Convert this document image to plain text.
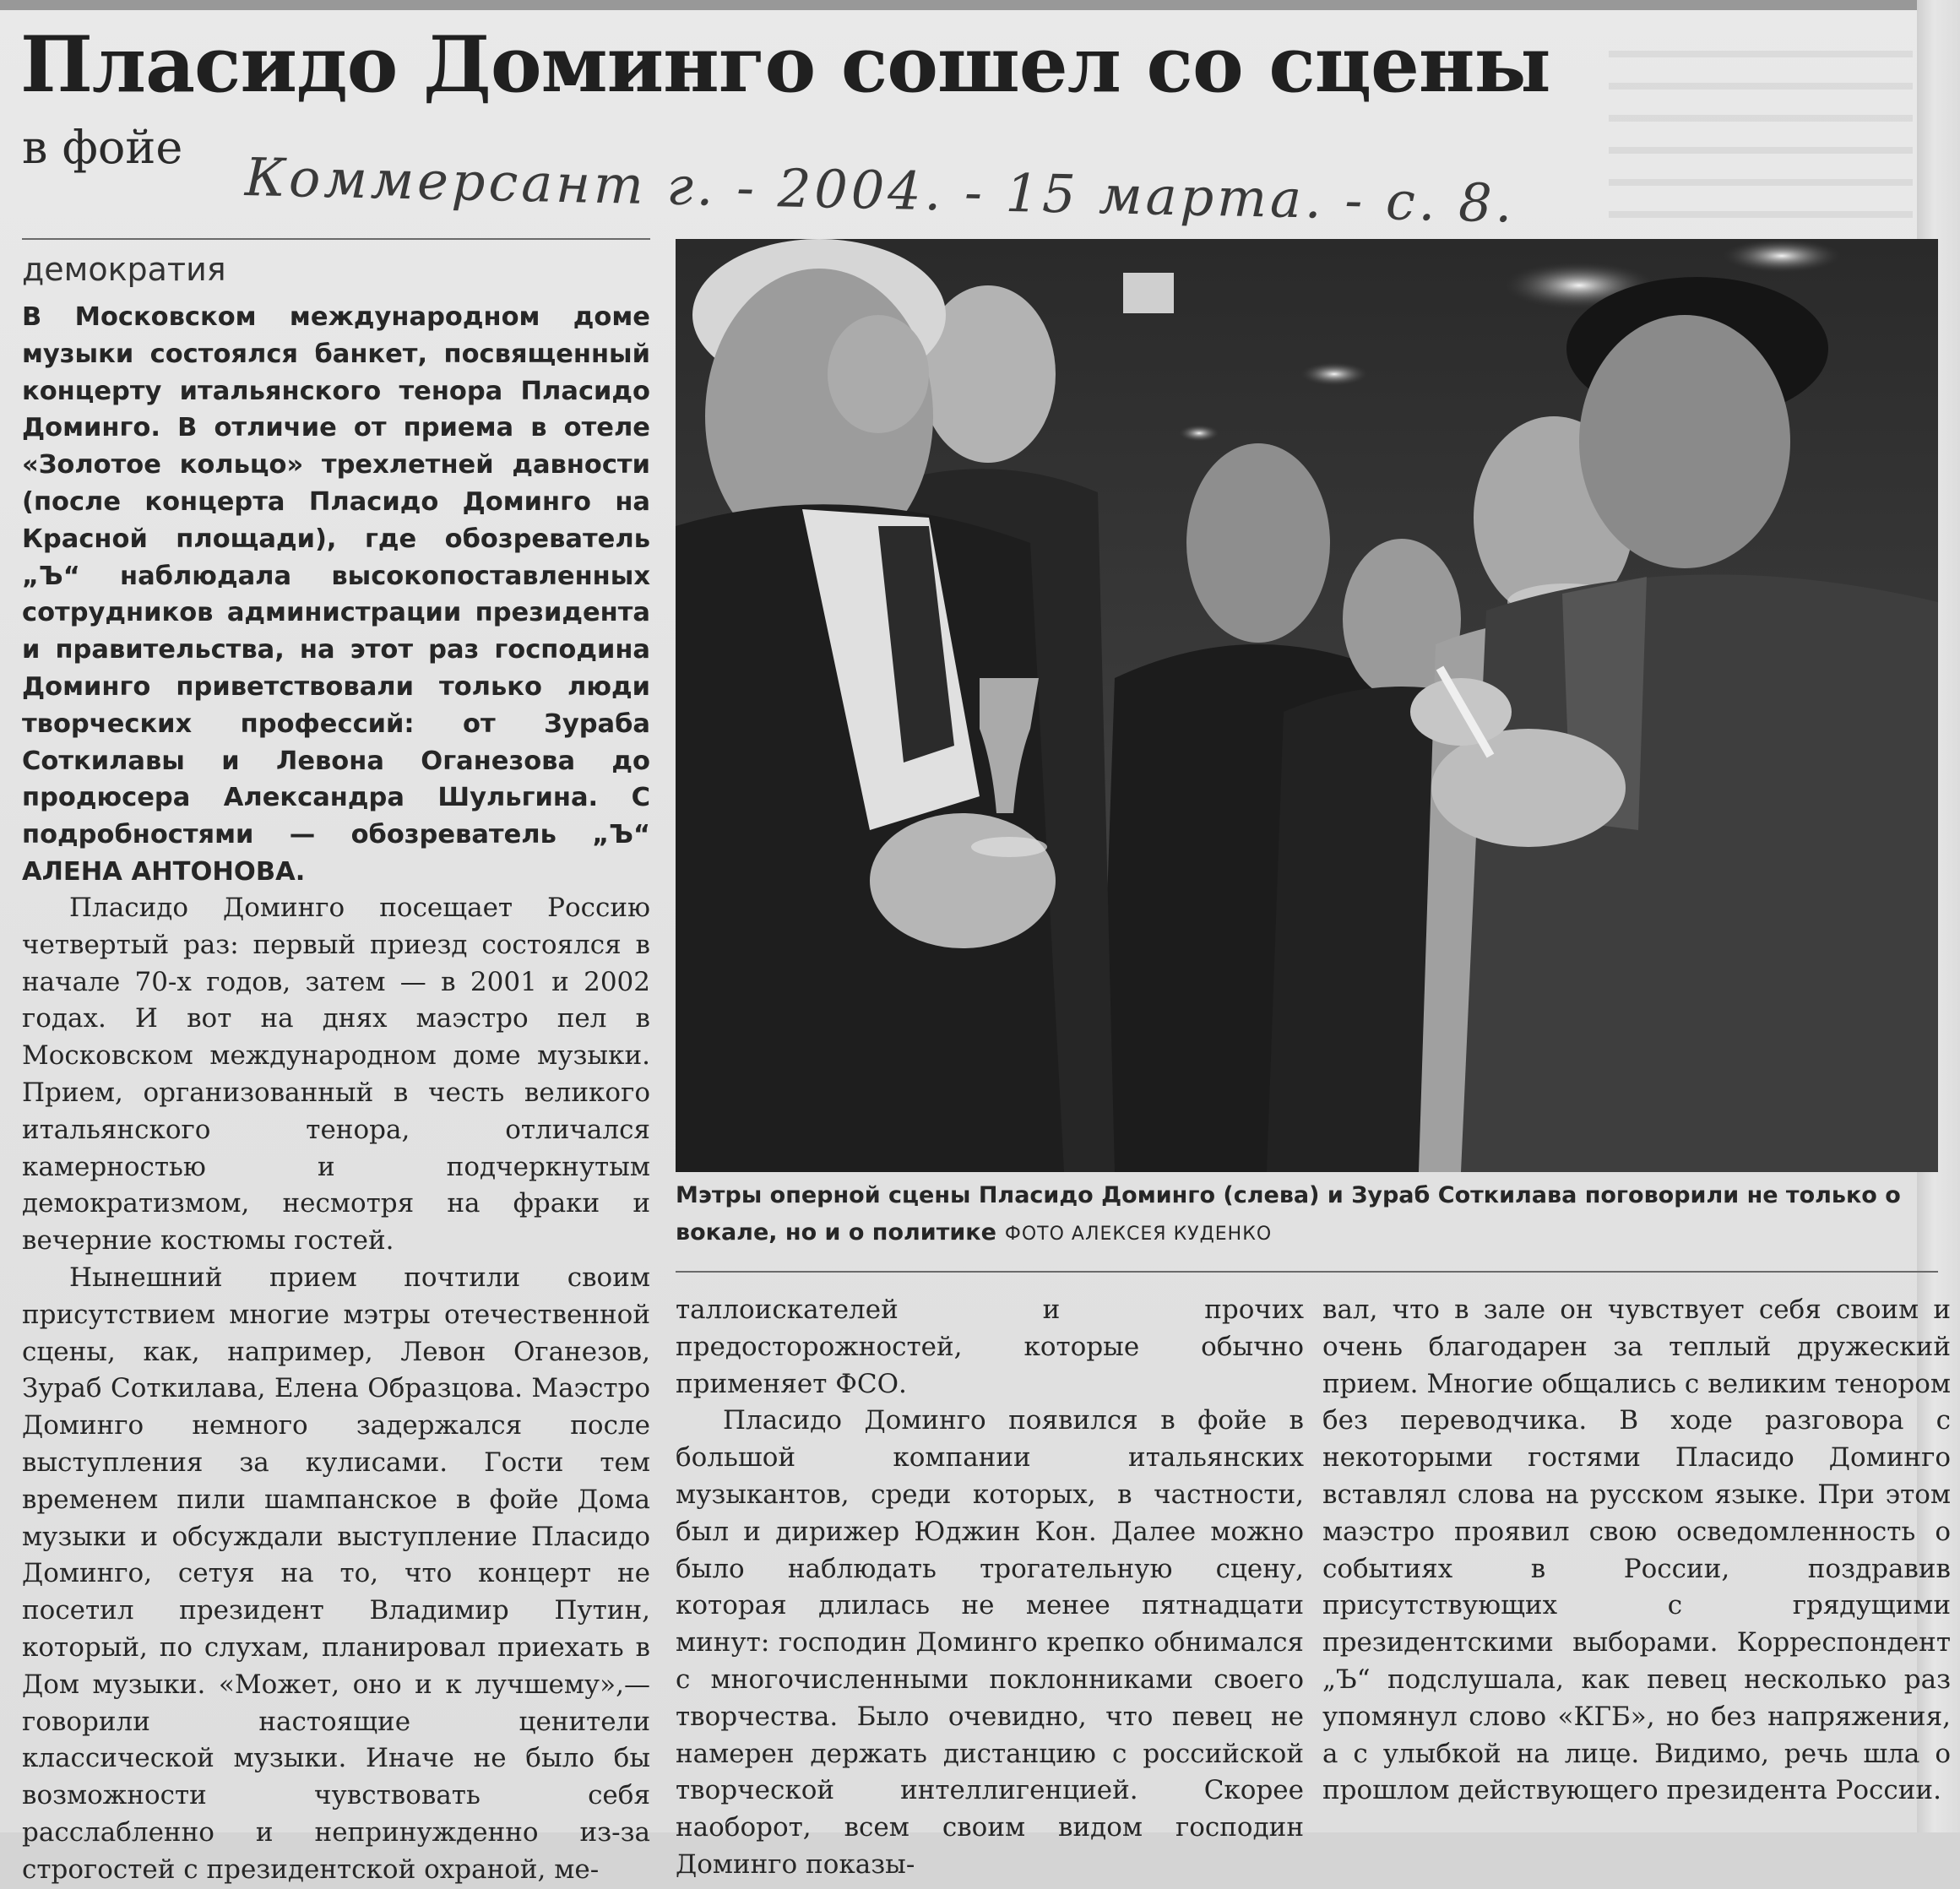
Пласидо Доминго сошел со сцены
в фойе Коммерсант г. - 2004. - 15 марта. - с. 8.
демократия

В Московском международном доме музыки состоялся банкет, посвященный концерту итальянского тенора Пласидо Доминго. В отличие от приема в отеле «Золотое кольцо» трехлетней давности (после концерта Пласидо Доминго на Красной площади), где обозреватель „Ъ“ наблюдала высокопоставленных сотрудников администрации президента и правительства, на этот раз господина Доминго приветствовали только люди творческих профессий: от Зураба Соткилавы и Левона Оганезова до продюсера Александра Шульгина. С подробностями — обозреватель „Ъ“ АЛЕНА АНТОНОВА.

Пласидо Доминго посещает Россию четвертый раз: первый приезд состоялся в начале 70-х годов, затем — в 2001 и 2002 годах. И вот на днях маэстро пел в Московском международном доме музыки. Прием, организованный в честь великого итальянского тенора, отличался камерностью и подчеркнутым демократизмом, несмотря на фраки и вечерние костюмы гостей.

Нынешний прием почтили своим присутствием многие мэтры отечественной сцены, как, например, Левон Оганезов, Зураб Соткилава, Елена Образцова. Маэстро Доминго немного задержался после выступления за кулисами. Гости тем временем пили шампанское в фойе Дома музыки и обсуждали выступление Пласидо Доминго, сетуя на то, что концерт не посетил президент Владимир Путин, который, по слухам, планировал приехать в Дом музыки. «Может, оно и к лучшему»,— говорили настоящие ценители классической музыки. Иначе не было бы возможности чувствовать себя расслабленно и непринужденно из-за строгостей с президентской охраной, ме-

Мэтры оперной сцены Пласидо Доминго (слева) и Зураб Соткилава поговорили не только о вокале, но и о политике ФОТО АЛЕКСЕЯ КУДЕНКО

таллоискателей и прочих предосторожностей, которые обычно применяет ФСО.

Пласидо Доминго появился в фойе в большой компании итальянских музыкантов, среди которых, в частности, был и дирижер Юджин Кон. Далее можно было наблюдать трогательную сцену, которая длилась не менее пятнадцати минут: господин Доминго крепко обнимался с многочисленными поклонниками своего творчества. Было очевидно, что певец не намерен держать дистанцию с российской творческой интеллигенцией. Скорее наоборот, всем своим видом господин Доминго показы-

вал, что в зале он чувствует себя своим и очень благодарен за теплый дружеский прием. Многие общались с великим тенором без переводчика. В ходе разговора с некоторыми гостями Пласидо Доминго вставлял слова на русском языке. При этом маэстро проявил свою осведомленность о событиях в России, поздравив присутствующих с грядущими президентскими выборами. Корреспондент „Ъ“ подслушала, как певец несколько раз упомянул слово «КГБ», но без напряжения, а с улыбкой на лице. Видимо, речь шла о прошлом действующего президента России.
